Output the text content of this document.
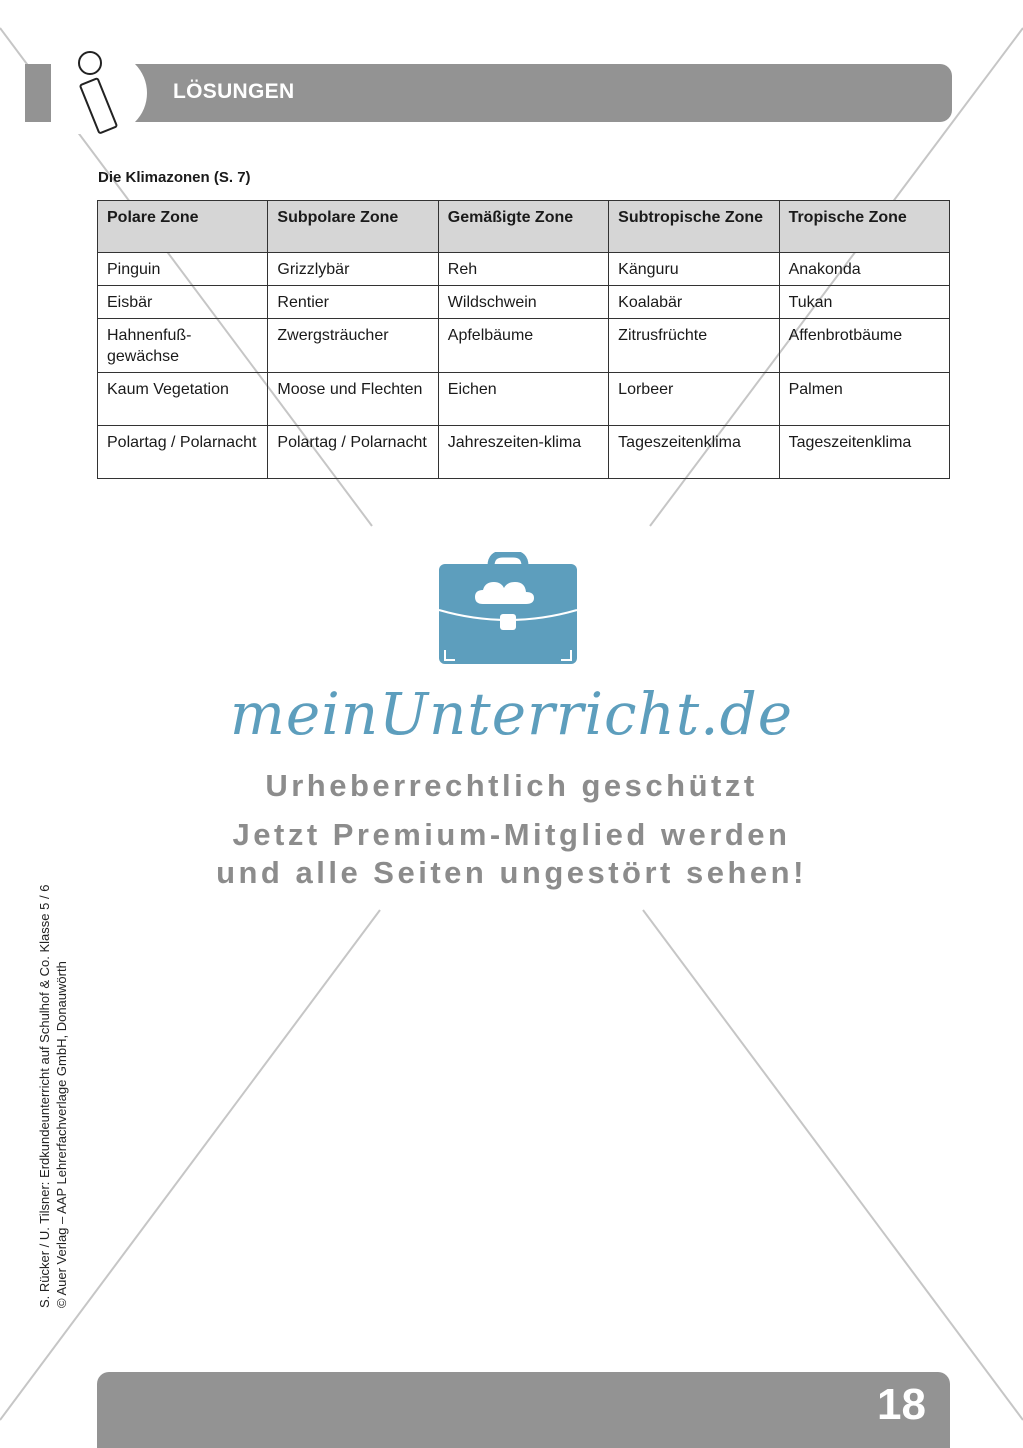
LÖSUNGEN
Die Klimazonen (S. 7)
Polare Zone	Subpolare Zone	Gemäßigte Zone	Subtropische Zone	Tropische Zone
Pinguin	Grizzlybär	Reh	Känguru	Anakonda
Eisbär	Rentier	Wildschwein	Koalabär	Tukan
Hahnenfuß-gewächse	Zwergsträucher	Apfelbäume	Zitrusfrüchte	Affenbrotbäume
Kaum Vegetation	Moose und Flechten	Eichen	Lorbeer	Palmen
Polartag / Polarnacht	Polartag / Polarnacht	Jahreszeiten-klima	Tageszeitenklima	Tageszeitenklima
meinUnterricht.de
Urheberrechtlich geschützt
Jetzt Premium-Mitglied werden
und alle Seiten ungestört sehen!
S. Rücker / U. Tilsner: Erdkundeunterricht auf Schulhof & Co. Klasse 5 / 6 © Auer Verlag – AAP Lehrerfachverlage GmbH, Donauwörth
18
